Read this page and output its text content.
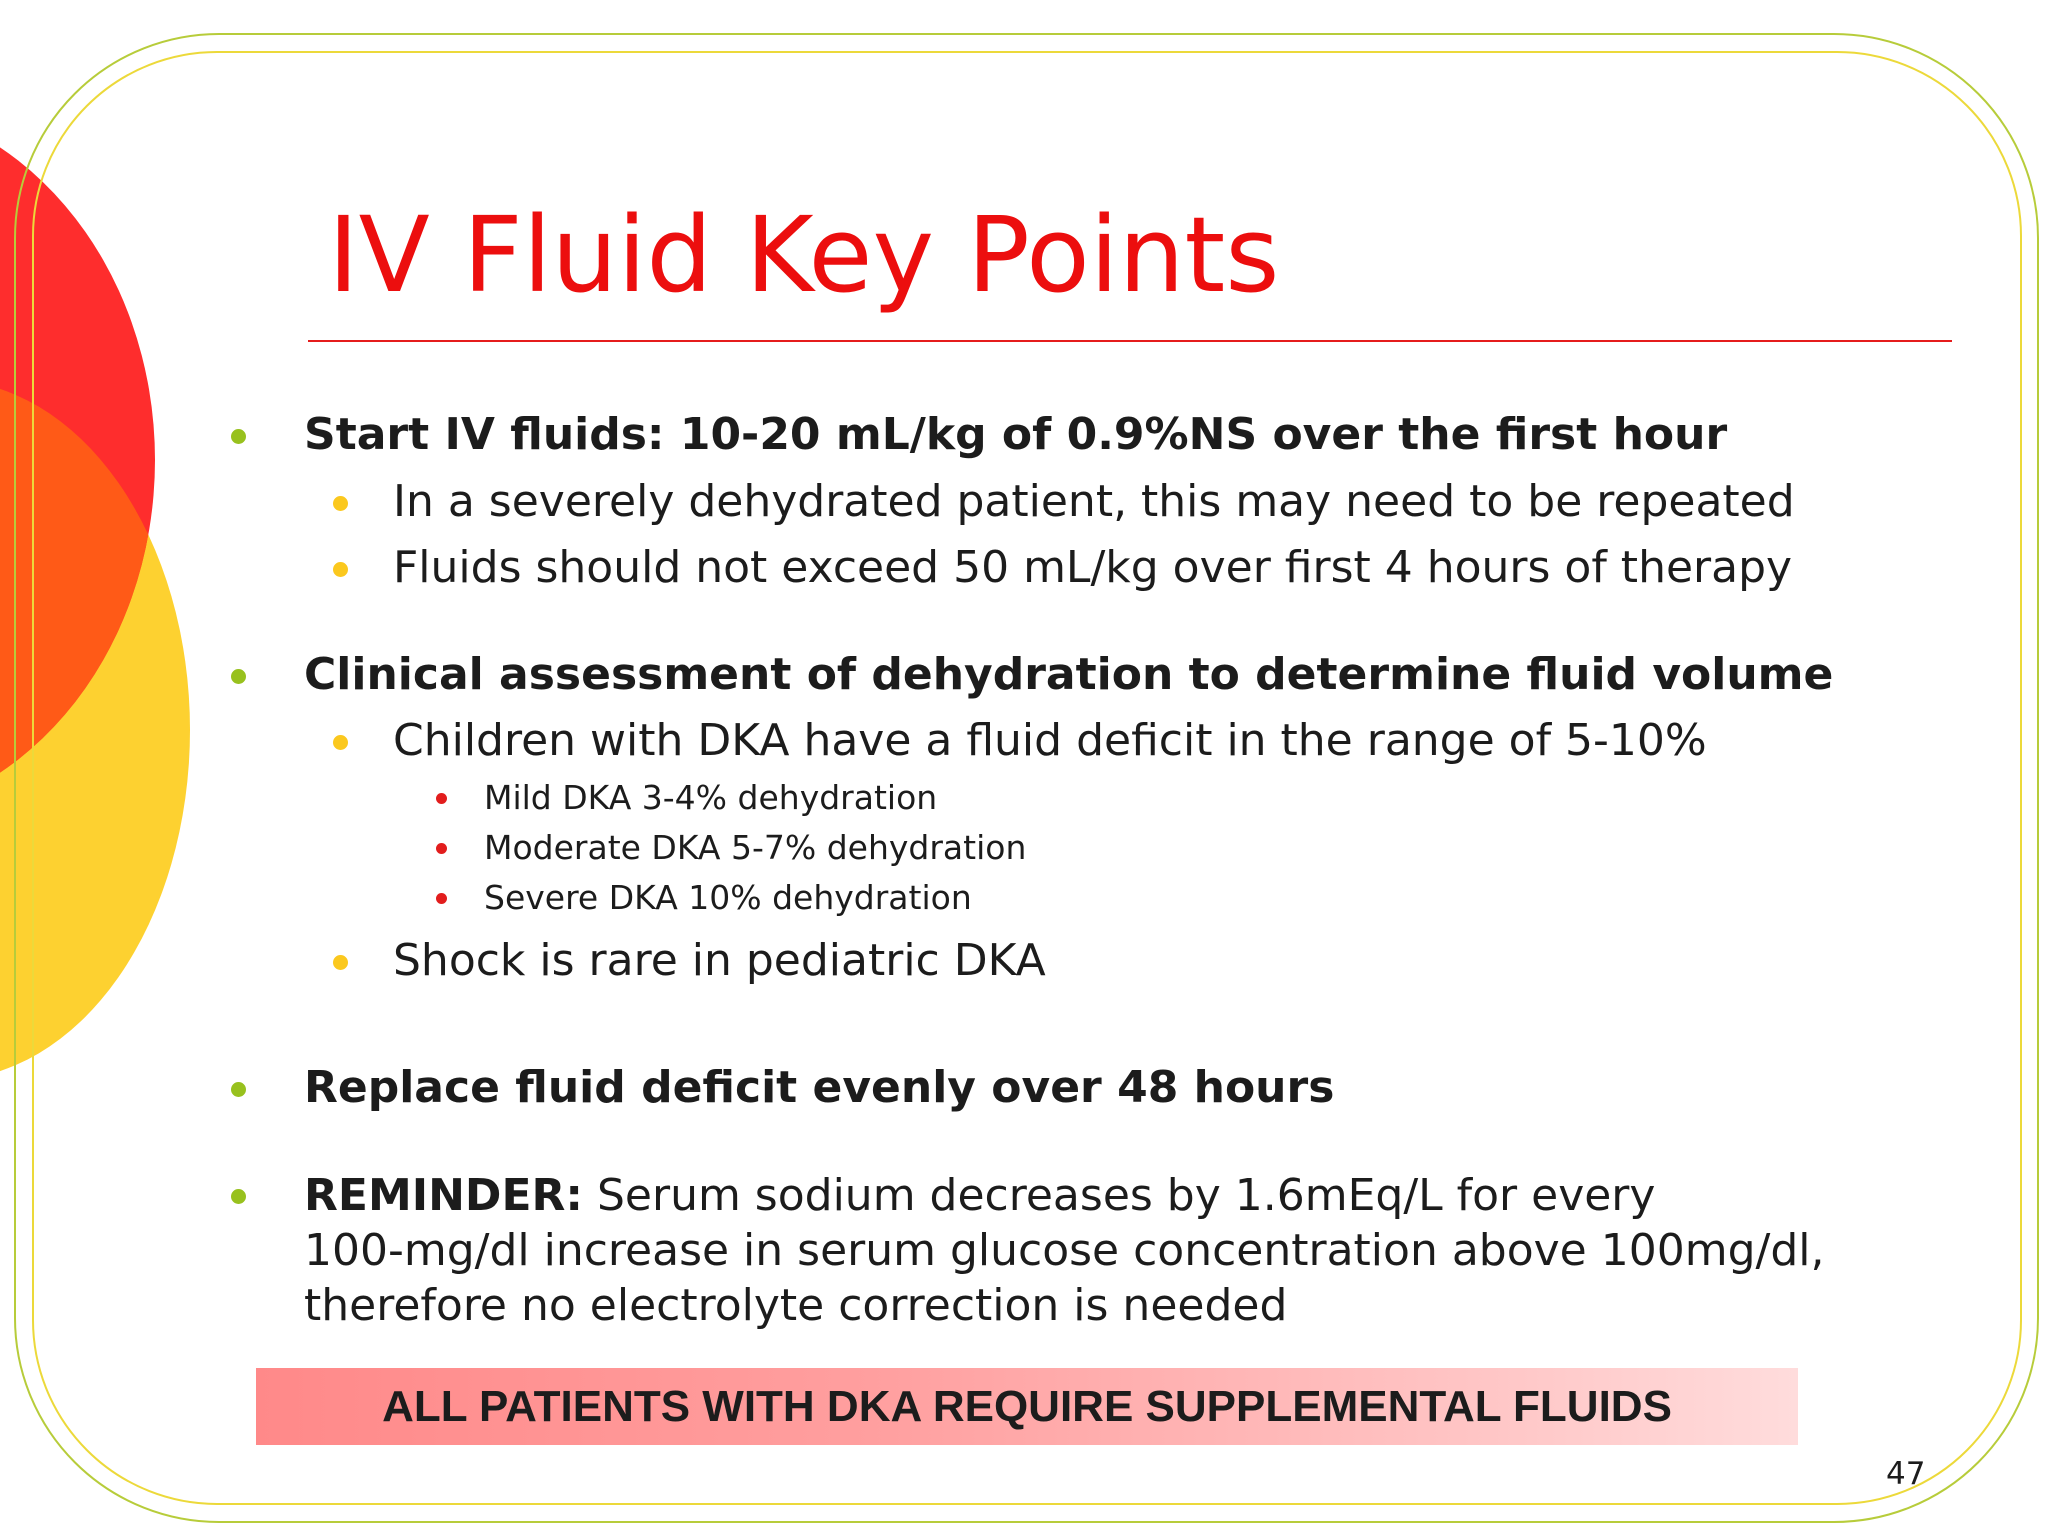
IV Fluid Key Points

Start IV fluids: 10-20 mL/kg of 0.9%NS over the first hour

In a severely dehydrated patient, this may need to be repeated

Fluids should not exceed 50 mL/kg over first 4 hours of therapy

Clinical assessment of dehydration to determine fluid volume

Children with DKA have a fluid deficit in the range of 5-10%

Mild DKA 3-4% dehydration

Moderate DKA 5-7% dehydration

Severe DKA 10% dehydration

Shock is rare in pediatric DKA

Replace fluid deficit evenly over 48 hours

REMINDER: Serum sodium decreases by 1.6mEq/L for every
100-mg/dl increase in serum glucose concentration above 100mg/dl,
therefore no electrolyte correction is needed

ALL PATIENTS WITH DKA REQUIRE SUPPLEMENTAL FLUIDS
47
